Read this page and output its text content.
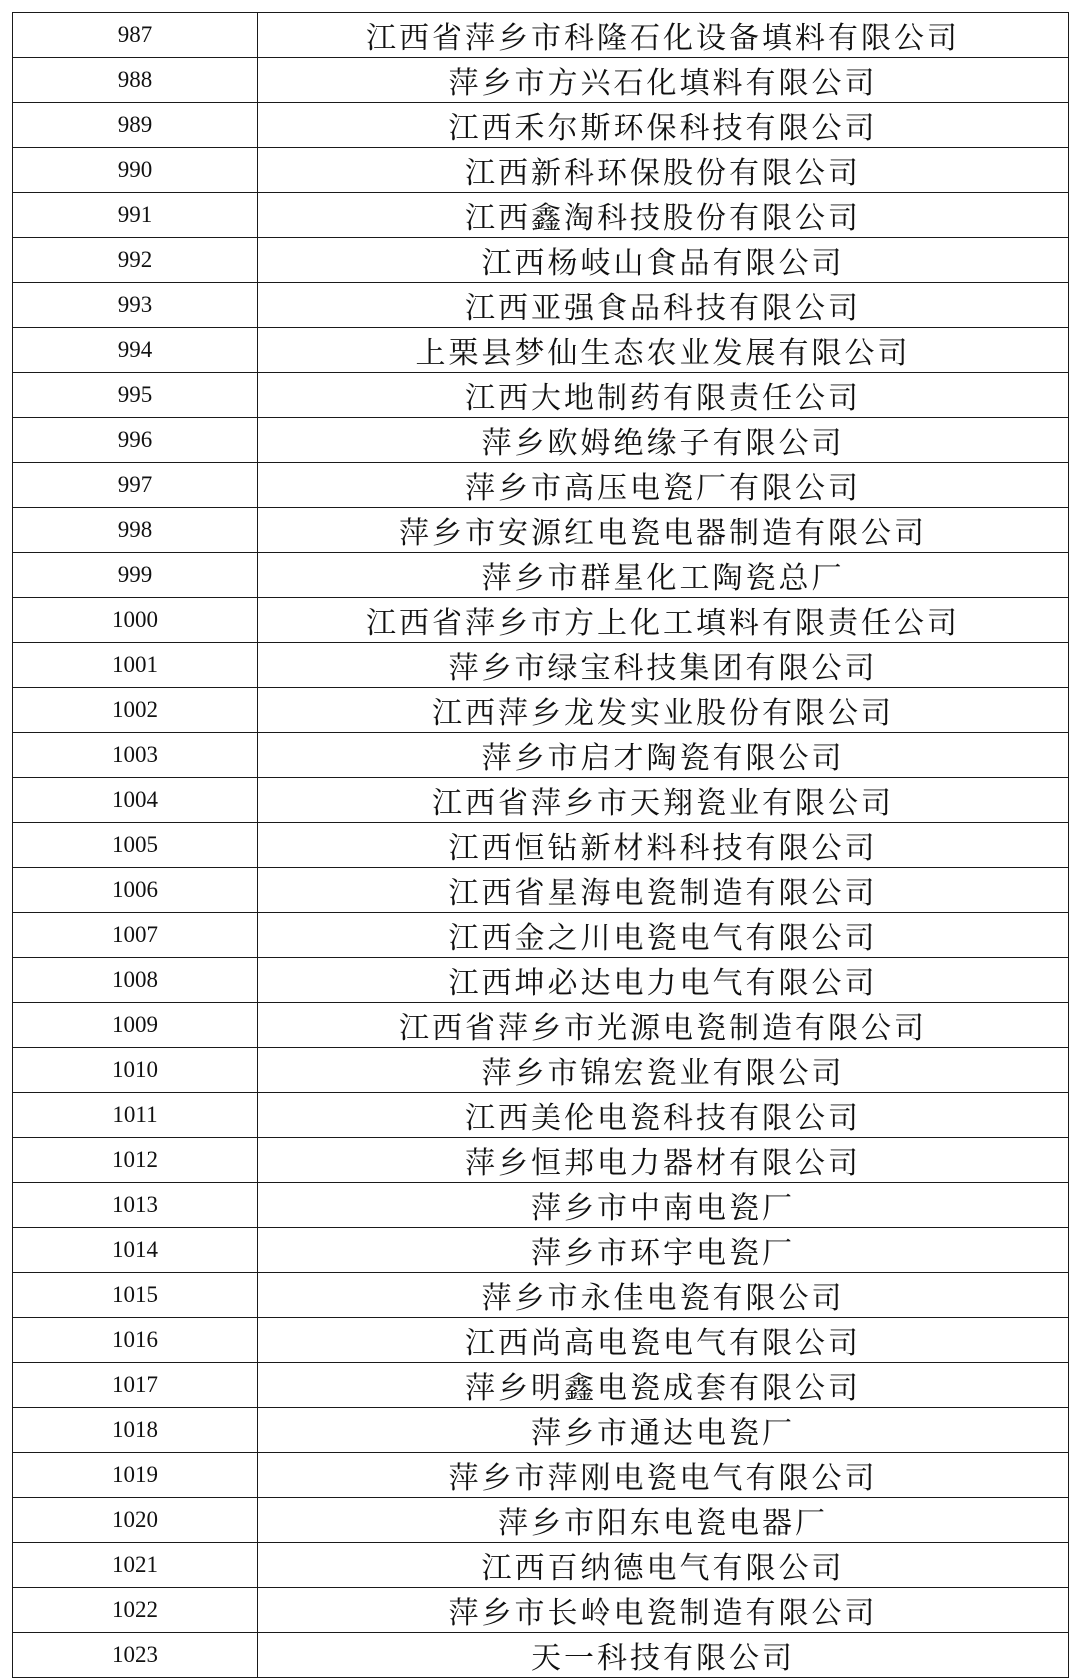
987	江西省萍乡市科隆石化设备填料有限公司
988	萍乡市方兴石化填料有限公司
989	江西禾尔斯环保科技有限公司
990	江西新科环保股份有限公司
991	江西鑫淘科技股份有限公司
992	江西杨岐山食品有限公司
993	江西亚强食品科技有限公司
994	上栗县梦仙生态农业发展有限公司
995	江西大地制药有限责任公司
996	萍乡欧姆绝缘子有限公司
997	萍乡市高压电瓷厂有限公司
998	萍乡市安源红电瓷电器制造有限公司
999	萍乡市群星化工陶瓷总厂
1000	江西省萍乡市方上化工填料有限责任公司
1001	萍乡市绿宝科技集团有限公司
1002	江西萍乡龙发实业股份有限公司
1003	萍乡市启才陶瓷有限公司
1004	江西省萍乡市天翔瓷业有限公司
1005	江西恒钻新材料科技有限公司
1006	江西省星海电瓷制造有限公司
1007	江西金之川电瓷电气有限公司
1008	江西坤必达电力电气有限公司
1009	江西省萍乡市光源电瓷制造有限公司
1010	萍乡市锦宏瓷业有限公司
1011	江西美伦电瓷科技有限公司
1012	萍乡恒邦电力器材有限公司
1013	萍乡市中南电瓷厂
1014	萍乡市环宇电瓷厂
1015	萍乡市永佳电瓷有限公司
1016	江西尚高电瓷电气有限公司
1017	萍乡明鑫电瓷成套有限公司
1018	萍乡市通达电瓷厂
1019	萍乡市萍刚电瓷电气有限公司
1020	萍乡市阳东电瓷电器厂
1021	江西百纳德电气有限公司
1022	萍乡市长岭电瓷制造有限公司
1023	天一科技有限公司
